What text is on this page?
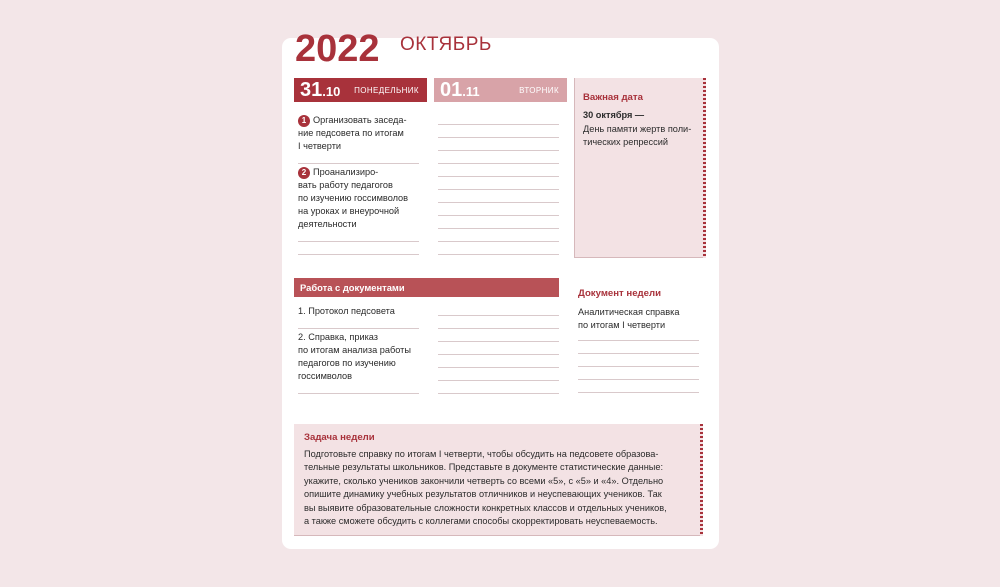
2022 ОКТЯБРЬ
31.10 ПОНЕДЕЛЬНИК 01.11	ВТОРНИК
1 Организовать заседа-
ние педсовета по итогам
I четверти
2 Проанализиро-
вать работу педагогов
по изучению госсимволов
на уроках и внеурочной
деятельности
Важная дата
30 октября —
День памяти жертв поли-
тических репрессий
Работа с документами
1. Протокол педсовета
2. Справка, приказ
по итогам анализа работы
педагогов по изучению
госсимволов
Документ недели
Аналитическая справка
по итогам I четверти
Задача недели
Подготовьте справку по итогам I четверти, чтобы обсудить на педсовете образова-
тельные результаты школьников. Представьте в документе статистические данные:
укажите, сколько учеников закончили четверть со всеми «5», с «5» и «4». Отдельно
опишите динамику учебных результатов отличников и неуспевающих учеников. Так
вы выявите образовательные сложности конкретных классов и отдельных учеников,
а также сможете обсудить с коллегами способы скорректировать неуспеваемость.
